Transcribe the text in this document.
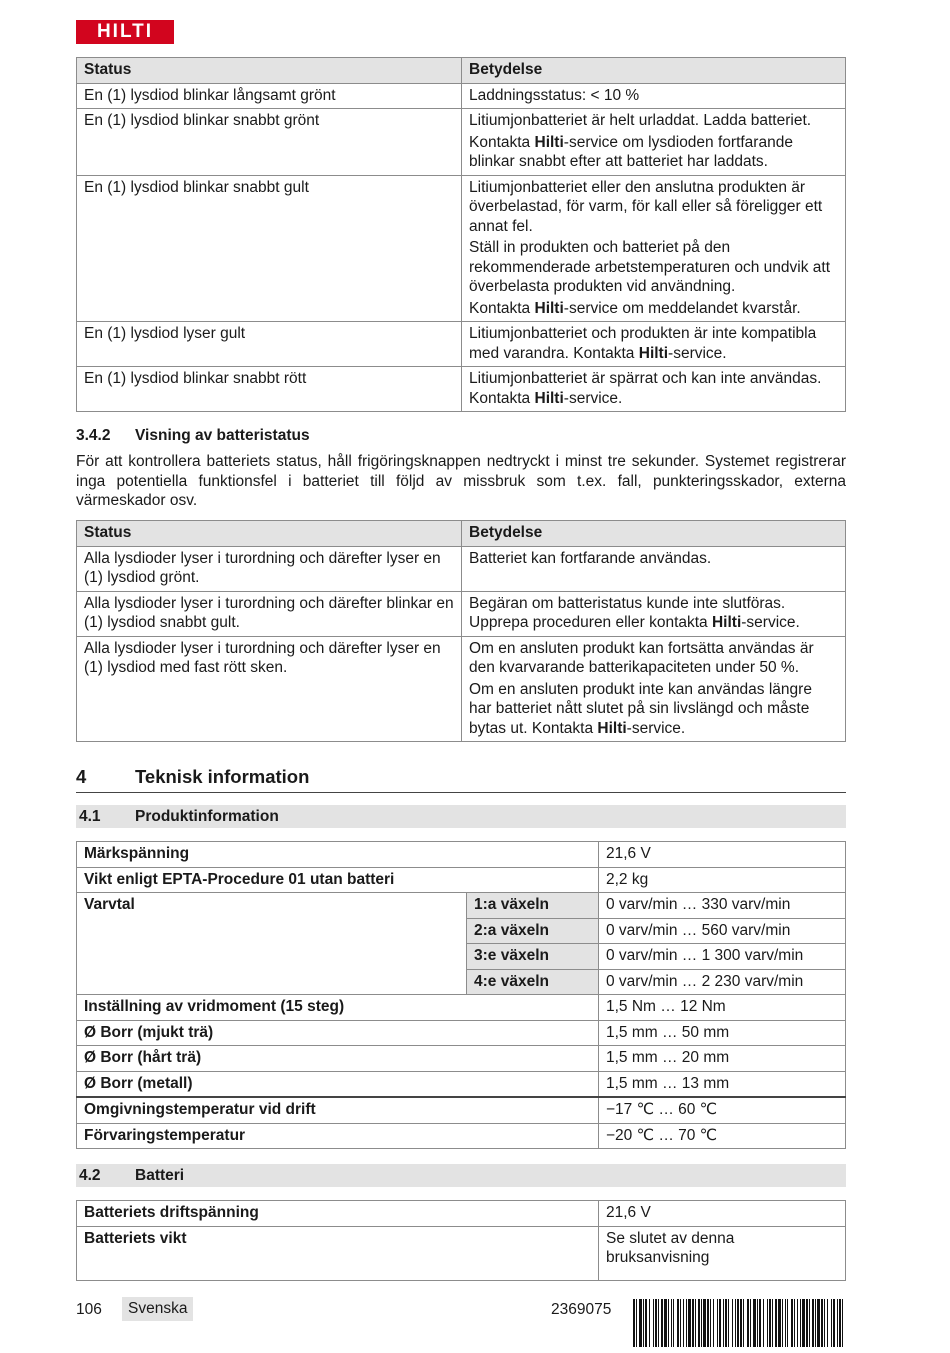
HILTI
Status	Betydelse
En (1) lysdiod blinkar långsamt grönt	Laddningsstatus: < 10 %

En (1) lysdiod blinkar snabbt grönt	Litiumjonbatteriet är helt urladdat. Ladda batteriet.

Kontakta Hilti-service om lysdioden fortfarande blinkar snabbt efter att batteriet har laddats.

En (1) lysdiod blinkar snabbt gult	Litiumjonbatteriet eller den anslutna produkten är överbelastad, för varm, för kall eller så föreligger ett annat fel.

Ställ in produkten och batteriet på den rekommenderade arbetstemperaturen och undvik att överbelasta produkten vid användning.

Kontakta Hilti-service om meddelandet kvarstår.

En (1) lysdiod lyser gult	Litiumjonbatteriet och produkten är inte kompatibla med varandra. Kontakta Hilti-service.

En (1) lysdiod blinkar snabbt rött	Litiumjonbatteriet är spärrat och kan inte användas. Kontakta Hilti-service.

3.4.2 Visning av batteristatus

För att kontrollera batteriets status, håll frigöringsknappen nedtryckt i minst tre sekunder. Systemet registrerar inga potentiella funktionsfel i batteriet till följd av missbruk som t.ex. fall, punkteringsskador, externa värmeskador osv.

Status	Betydelse
Alla lysdioder lyser i turordning och därefter lyser en (1) lysdiod grönt.	Batteriet kan fortfarande användas.

Alla lysdioder lyser i turordning och därefter blinkar en (1) lysdiod snabbt gult.	Begäran om batteristatus kunde inte slutföras. Upprepa proceduren eller kontakta Hilti-service.

Alla lysdioder lyser i turordning och därefter lyser en (1) lysdiod med fast rött sken.	Om en ansluten produkt kan fortsätta användas är den kvarvarande batterikapaciteten under 50 %.

Om en ansluten produkt inte kan användas längre har batteriet nått slutet på sin livslängd och måste bytas ut. Kontakta Hilti-service.

4	Teknisk information
4.1 Produktinformation
Märkspänning		21,6 V
Vikt enligt EPTA-Procedure 01 utan batteri		2,2 kg
Varvtal	1:a växeln	0 varv/min … 330 varv/min
	2:a växeln	0 varv/min … 560 varv/min
	3:e växeln	0 varv/min … 1 300 varv/min
	4:e växeln	0 varv/min … 2 230 varv/min
Inställning av vridmoment (15 steg)		1,5 Nm … 12 Nm
Ø Borr (mjukt trä)		1,5 mm … 50 mm
Ø Borr (hårt trä)		1,5 mm … 20 mm
Ø Borr (metall)		1,5 mm … 13 mm
Omgivningstemperatur vid drift		−17 ℃ … 60 ℃
Förvaringstemperatur		−20 ℃ … 70 ℃
4.2 Batteri
Batteriets driftspänning	21,6 V
Batteriets vikt	Se slutet av denna bruksanvisning
106	Svenska	2369075
